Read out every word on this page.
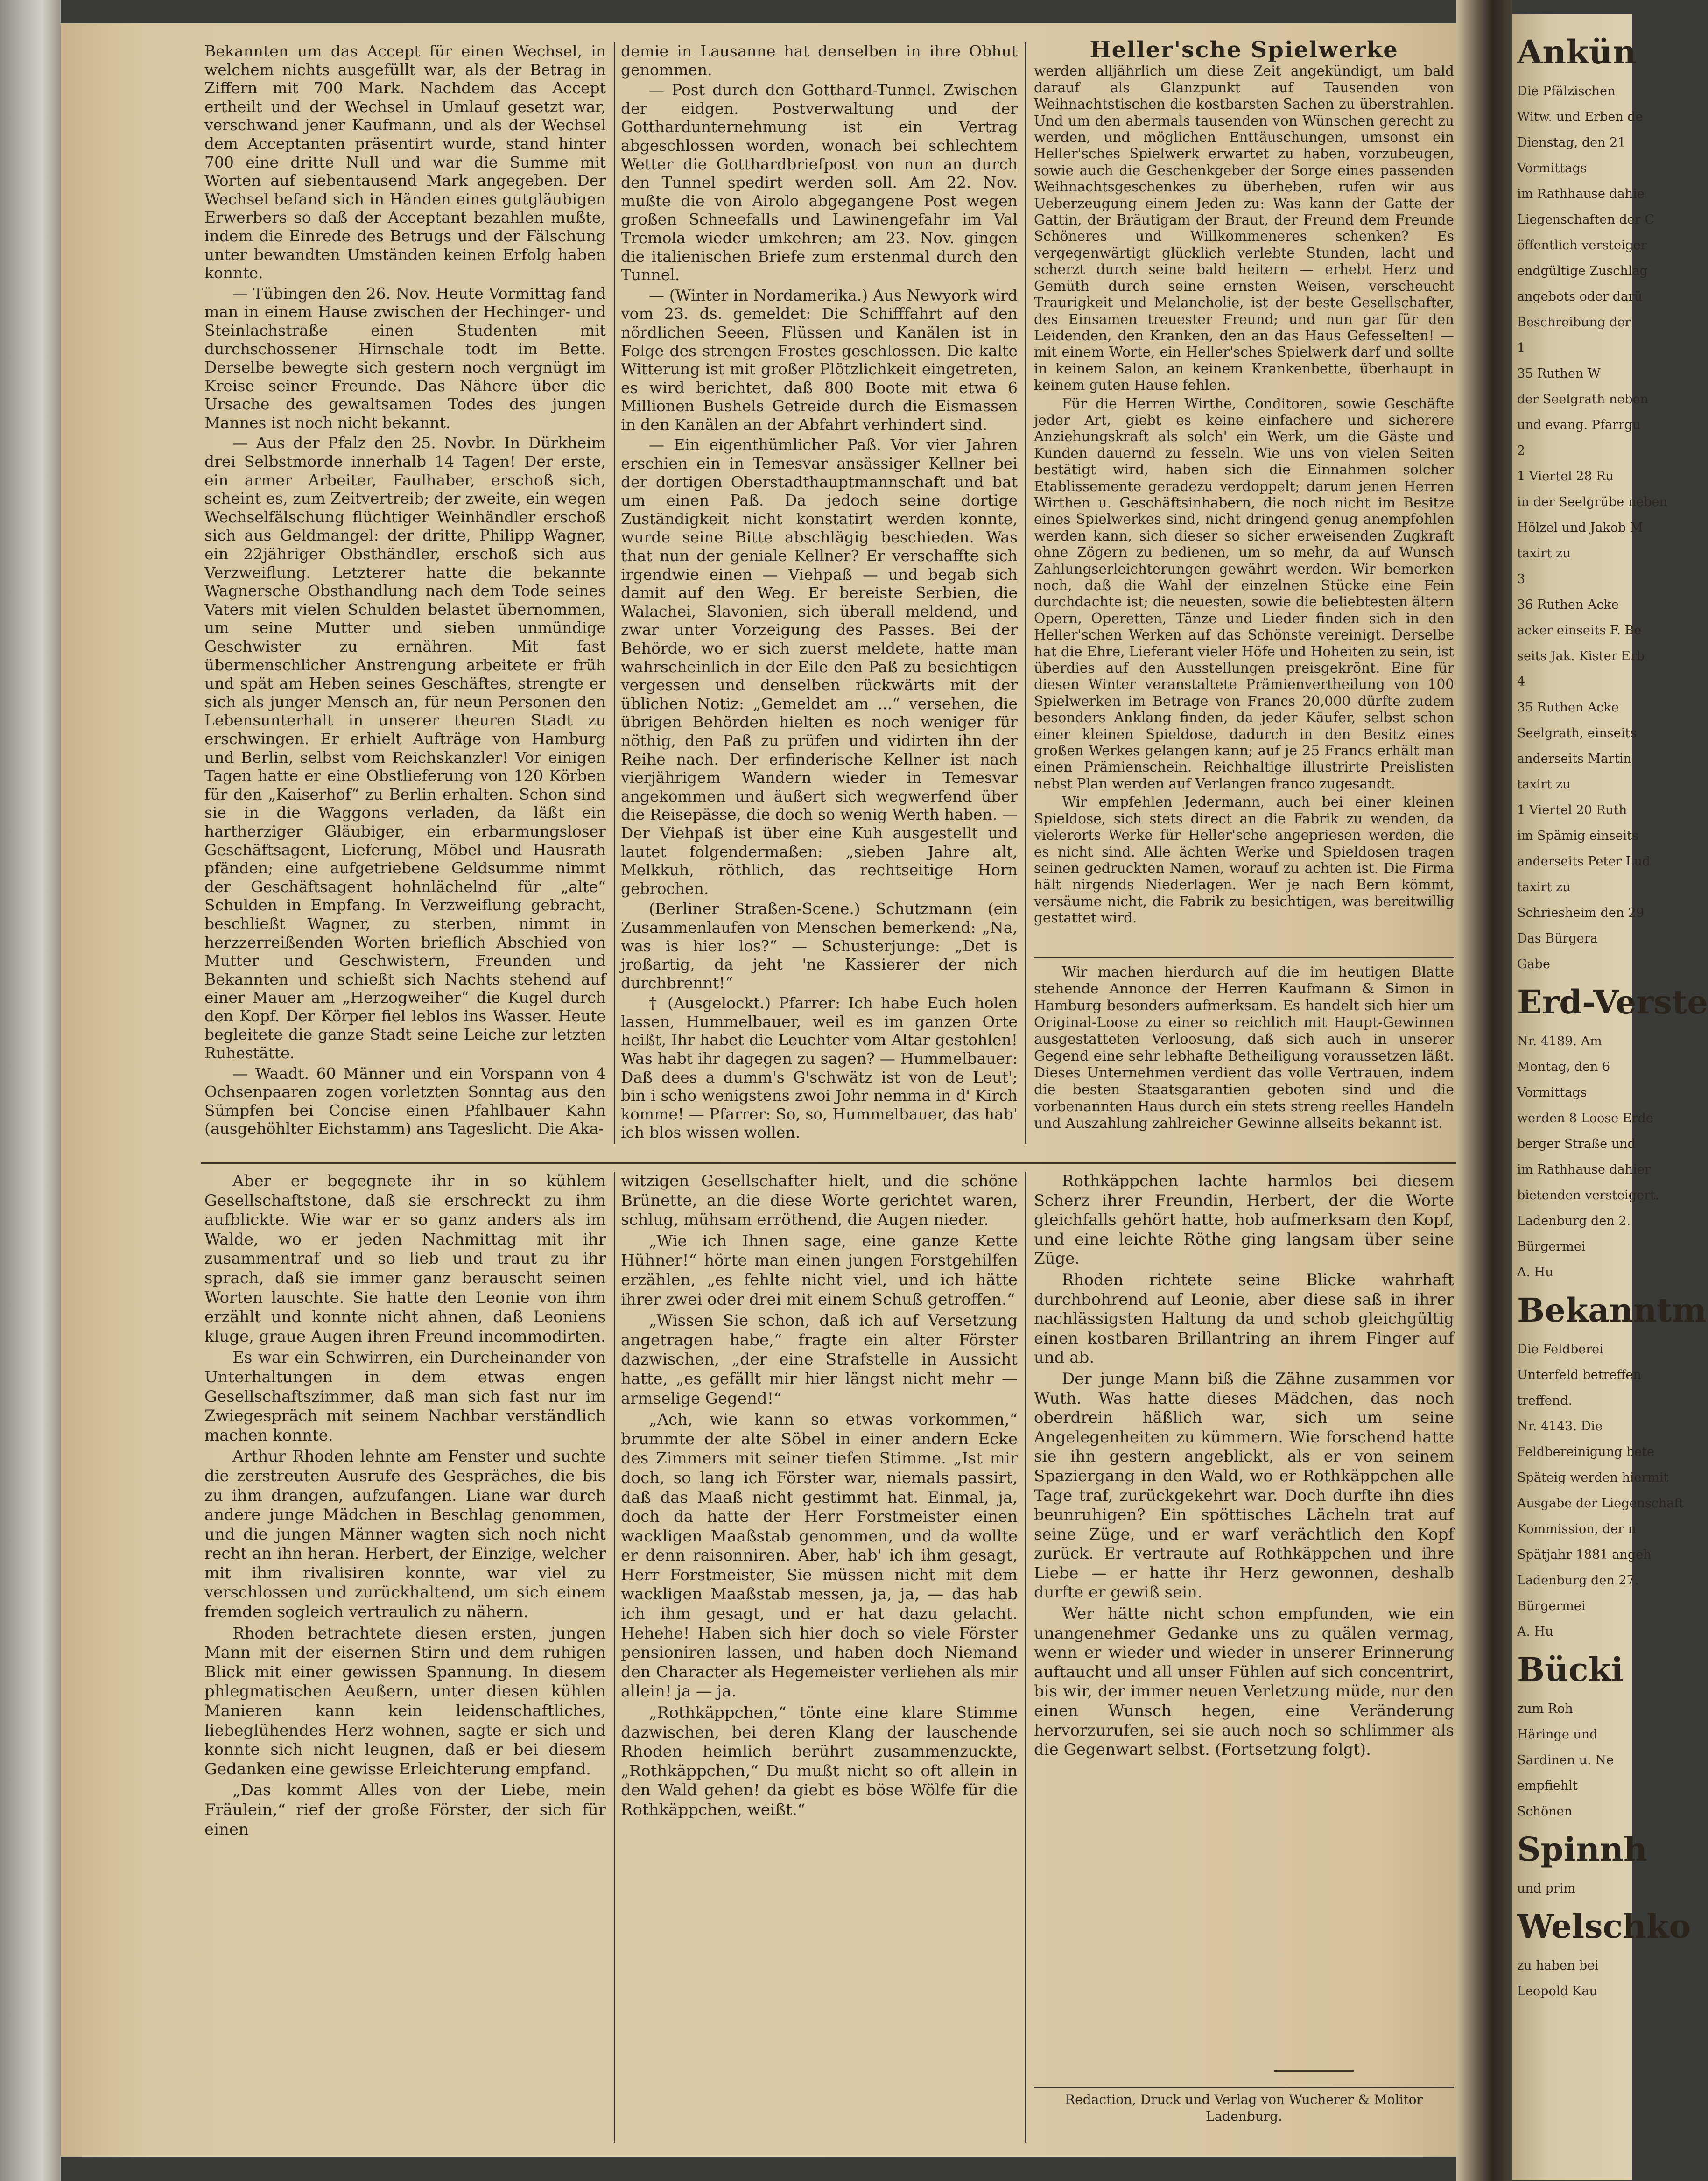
Bekannten um das Accept für einen Wechsel, in welchem nichts ausgefüllt war, als der Betrag in Ziffern mit 700 Mark. Nachdem das Accept ertheilt und der Wechsel in Umlauf gesetzt war, verschwand jener Kaufmann, und als der Wechsel dem Acceptanten präsentirt wurde, stand hinter 700 eine dritte Null und war die Summe mit Worten auf siebentausend Mark angegeben. Der Wechsel befand sich in Händen eines gutgläubigen Erwerbers so daß der Acceptant bezahlen mußte, indem die Einrede des Betrugs und der Fälschung unter bewandten Umständen keinen Erfolg haben konnte.

— Tübingen den 26. Nov. Heute Vormittag fand man in einem Hause zwischen der Hechinger- und Steinlachstraße einen Studenten mit durchschossener Hirnschale todt im Bette. Derselbe bewegte sich gestern noch vergnügt im Kreise seiner Freunde. Das Nähere über die Ursache des gewaltsamen Todes des jungen Mannes ist noch nicht bekannt.

— Aus der Pfalz den 25. Novbr. In Dürkheim drei Selbstmorde innerhalb 14 Tagen! Der erste, ein armer Arbeiter, Faulhaber, erschoß sich, scheint es, zum Zeitvertreib; der zweite, ein wegen Wechselfälschung flüchtiger Weinhändler erschoß sich aus Geldmangel: der dritte, Philipp Wagner, ein 22jähriger Obsthändler, erschoß sich aus Verzweiflung. Letzterer hatte die bekannte Wagnersche Obsthandlung nach dem Tode seines Vaters mit vielen Schulden belastet übernommen, um seine Mutter und sieben unmündige Geschwister zu ernähren. Mit fast übermenschlicher Anstrengung arbeitete er früh und spät am Heben seines Geschäftes, strengte er sich als junger Mensch an, für neun Personen den Lebensunterhalt in unserer theuren Stadt zu erschwingen. Er erhielt Aufträge von Hamburg und Berlin, selbst vom Reichskanzler! Vor einigen Tagen hatte er eine Obstlieferung von 120 Körben für den „Kaiserhof“ zu Berlin erhalten. Schon sind sie in die Waggons verladen, da läßt ein hartherziger Gläubiger, ein erbarmungsloser Geschäftsagent, Lieferung, Möbel und Hausrath pfänden; eine aufgetriebene Geldsumme nimmt der Geschäftsagent hohnlächelnd für „alte“ Schulden in Empfang. In Verzweiflung gebracht, beschließt Wagner, zu sterben, nimmt in herzzerreißenden Worten brieflich Abschied von Mutter und Geschwistern, Freunden und Bekannten und schießt sich Nachts stehend auf einer Mauer am „Herzogweiher“ die Kugel durch den Kopf. Der Körper fiel leblos ins Wasser. Heute begleitete die ganze Stadt seine Leiche zur letzten Ruhestätte.

— Waadt. 60 Männer und ein Vorspann von 4 Ochsenpaaren zogen vorletzten Sonntag aus den Sümpfen bei Concise einen Pfahlbauer Kahn (ausgehöhlter Eichstamm) ans Tageslicht. Die Aka-

demie in Lausanne hat denselben in ihre Obhut genommen.

— Post durch den Gotthard-Tunnel. Zwischen der eidgen. Postverwaltung und der Gotthardunternehmung ist ein Vertrag abgeschlossen worden, wonach bei schlechtem Wetter die Gotthardbriefpost von nun an durch den Tunnel spedirt werden soll. Am 22. Nov. mußte die von Airolo abgegangene Post wegen großen Schneefalls und Lawinengefahr im Val Tremola wieder umkehren; am 23. Nov. gingen die italienischen Briefe zum erstenmal durch den Tunnel.

— (Winter in Nordamerika.) Aus Newyork wird vom 23. ds. gemeldet: Die Schifffahrt auf den nördlichen Seeen, Flüssen und Kanälen ist in Folge des strengen Frostes geschlossen. Die kalte Witterung ist mit großer Plötzlichkeit eingetreten, es wird berichtet, daß 800 Boote mit etwa 6 Millionen Bushels Getreide durch die Eismassen in den Kanälen an der Abfahrt verhindert sind.

— Ein eigenthümlicher Paß. Vor vier Jahren erschien ein in Temesvar ansässiger Kellner bei der dortigen Oberstadthauptmannschaft und bat um einen Paß. Da jedoch seine dortige Zuständigkeit nicht konstatirt werden konnte, wurde seine Bitte abschlägig beschieden. Was that nun der geniale Kellner? Er verschaffte sich irgendwie einen — Viehpaß — und begab sich damit auf den Weg. Er bereiste Serbien, die Walachei, Slavonien, sich überall meldend, und zwar unter Vorzeigung des Passes. Bei der Behörde, wo er sich zuerst meldete, hatte man wahrscheinlich in der Eile den Paß zu besichtigen vergessen und denselben rückwärts mit der üblichen Notiz: „Gemeldet am ...“ versehen, die übrigen Behörden hielten es noch weniger für nöthig, den Paß zu prüfen und vidirten ihn der Reihe nach. Der erfinderische Kellner ist nach vierjährigem Wandern wieder in Temesvar angekommen und äußert sich wegwerfend über die Reisepässe, die doch so wenig Werth haben. — Der Viehpaß ist über eine Kuh ausgestellt und lautet folgendermaßen: „sieben Jahre alt, Melkkuh, röthlich, das rechtseitige Horn gebrochen.

(Berliner Straßen-Scene.) Schutzmann (ein Zusammenlaufen von Menschen bemerkend: „Na, was is hier los?“ — Schusterjunge: „Det is jroßartig, da jeht 'ne Kassierer der nich durchbrennt!“

† (Ausgelockt.) Pfarrer: Ich habe Euch holen lassen, Hummelbauer, weil es im ganzen Orte heißt, Ihr habet die Leuchter vom Altar gestohlen! Was habt ihr dagegen zu sagen? — Hummelbauer: Daß dees a dumm's G'schwätz ist von de Leut'; bin i scho wenigstens zwoi Johr nemma in d' Kirch komme! — Pfarrer: So, so, Hummelbauer, das hab' ich blos wissen wollen.

Heller'sche Spielwerke

werden alljährlich um diese Zeit angekündigt, um bald darauf als Glanzpunkt auf Tausenden von Weihnachtstischen die kostbarsten Sachen zu überstrahlen. Und um den abermals tausenden von Wünschen gerecht zu werden, und möglichen Enttäuschungen, umsonst ein Heller'sches Spielwerk erwartet zu haben, vorzubeugen, sowie auch die Geschenkgeber der Sorge eines passenden Weihnachtsgeschenkes zu überheben, rufen wir aus Ueberzeugung einem Jeden zu: Was kann der Gatte der Gattin, der Bräutigam der Braut, der Freund dem Freunde Schöneres und Willkommeneres schenken? Es vergegenwärtigt glücklich verlebte Stunden, lacht und scherzt durch seine bald heitern — erhebt Herz und Gemüth durch seine ernsten Weisen, verscheucht Traurigkeit und Melancholie, ist der beste Gesellschafter, des Einsamen treuester Freund; und nun gar für den Leidenden, den Kranken, den an das Haus Gefesselten! — mit einem Worte, ein Heller'sches Spielwerk darf und sollte in keinem Salon, an keinem Krankenbette, überhaupt in keinem guten Hause fehlen.

Für die Herren Wirthe, Conditoren, sowie Geschäfte jeder Art, giebt es keine einfachere und sicherere Anziehungskraft als solch' ein Werk, um die Gäste und Kunden dauernd zu fesseln. Wie uns von vielen Seiten bestätigt wird, haben sich die Einnahmen solcher Etablissemente geradezu verdoppelt; darum jenen Herren Wirthen u. Geschäftsinhabern, die noch nicht im Besitze eines Spielwerkes sind, nicht dringend genug anempfohlen werden kann, sich dieser so sicher erweisenden Zugkraft ohne Zögern zu bedienen, um so mehr, da auf Wunsch Zahlungserleichterungen gewährt werden. Wir bemerken noch, daß die Wahl der einzelnen Stücke eine Fein durchdachte ist; die neuesten, sowie die beliebtesten ältern Opern, Operetten, Tänze und Lieder finden sich in den Heller'schen Werken auf das Schönste vereinigt. Derselbe hat die Ehre, Lieferant vieler Höfe und Hoheiten zu sein, ist überdies auf den Ausstellungen preisgekrönt. Eine für diesen Winter veranstaltete Prämienvertheilung von 100 Spielwerken im Betrage von Francs 20,000 dürfte zudem besonders Anklang finden, da jeder Käufer, selbst schon einer kleinen Spieldose, dadurch in den Besitz eines großen Werkes gelangen kann; auf je 25 Francs erhält man einen Prämienschein. Reichhaltige illustrirte Preislisten nebst Plan werden auf Verlangen franco zugesandt.

Wir empfehlen Jedermann, auch bei einer kleinen Spieldose, sich stets direct an die Fabrik zu wenden, da vielerorts Werke für Heller'sche angepriesen werden, die es nicht sind. Alle ächten Werke und Spieldosen tragen seinen gedruckten Namen, worauf zu achten ist. Die Firma hält nirgends Niederlagen. Wer je nach Bern kömmt, versäume nicht, die Fabrik zu besichtigen, was bereitwillig gestattet wird.

Wir machen hierdurch auf die im heutigen Blatte stehende Annonce der Herren Kaufmann & Simon in Hamburg besonders aufmerksam. Es handelt sich hier um Original-Loose zu einer so reichlich mit Haupt-Gewinnen ausgestatteten Verloosung, daß sich auch in unserer Gegend eine sehr lebhafte Betheiligung voraussetzen läßt. Dieses Unternehmen verdient das volle Vertrauen, indem die besten Staatsgarantien geboten sind und die vorbenannten Haus durch ein stets streng reelles Handeln und Auszahlung zahlreicher Gewinne allseits bekannt ist.

Aber er begegnete ihr in so kühlem Gesellschaftstone, daß sie erschreckt zu ihm aufblickte. Wie war er so ganz anders als im Walde, wo er jeden Nachmittag mit ihr zusammentraf und so lieb und traut zu ihr sprach, daß sie immer ganz berauscht seinen Worten lauschte. Sie hatte den Leonie von ihm erzählt und konnte nicht ahnen, daß Leoniens kluge, graue Augen ihren Freund incommodirten.

Es war ein Schwirren, ein Durcheinander von Unterhaltungen in dem etwas engen Gesellschaftszimmer, daß man sich fast nur im Zwiegespräch mit seinem Nachbar verständlich machen konnte.

Arthur Rhoden lehnte am Fenster und suchte die zerstreuten Ausrufe des Gespräches, die bis zu ihm drangen, aufzufangen. Liane war durch andere junge Mädchen in Beschlag genommen, und die jungen Männer wagten sich noch nicht recht an ihn heran. Herbert, der Einzige, welcher mit ihm rivalisiren konnte, war viel zu verschlossen und zurückhaltend, um sich einem fremden sogleich vertraulich zu nähern.

Rhoden betrachtete diesen ersten, jungen Mann mit der eisernen Stirn und dem ruhigen Blick mit einer gewissen Spannung. In diesem phlegmatischen Aeußern, unter diesen kühlen Manieren kann kein leidenschaftliches, liebeglühendes Herz wohnen, sagte er sich und konnte sich nicht leugnen, daß er bei diesem Gedanken eine gewisse Erleichterung empfand.

„Das kommt Alles von der Liebe, mein Fräulein,“ rief der große Förster, der sich für einen

witzigen Gesellschafter hielt, und die schöne Brünette, an die diese Worte gerichtet waren, schlug, mühsam erröthend, die Augen nieder.

„Wie ich Ihnen sage, eine ganze Kette Hühner!“ hörte man einen jungen Forstgehilfen erzählen, „es fehlte nicht viel, und ich hätte ihrer zwei oder drei mit einem Schuß getroffen.“

„Wissen Sie schon, daß ich auf Versetzung angetragen habe,“ fragte ein alter Förster dazwischen, „der eine Strafstelle in Aussicht hatte, „es gefällt mir hier längst nicht mehr — armselige Gegend!“

„Ach, wie kann so etwas vorkommen,“ brummte der alte Söbel in einer andern Ecke des Zimmers mit seiner tiefen Stimme. „Ist mir doch, so lang ich Förster war, niemals passirt, daß das Maaß nicht gestimmt hat. Einmal, ja, doch da hatte der Herr Forstmeister einen wackligen Maaßstab genommen, und da wollte er denn raisonniren. Aber, hab' ich ihm gesagt, Herr Forstmeister, Sie müssen nicht mit dem wackligen Maaßstab messen, ja, ja, — das hab ich ihm gesagt, und er hat dazu gelacht. Hehehe! Haben sich hier doch so viele Förster pensioniren lassen, und haben doch Niemand den Character als Hegemeister verliehen als mir allein! ja — ja.

„Rothkäppchen,“ tönte eine klare Stimme dazwischen, bei deren Klang der lauschende Rhoden heimlich berührt zusammenzuckte, „Rothkäppchen,“ Du mußt nicht so oft allein in den Wald gehen! da giebt es böse Wölfe für die Rothkäppchen, weißt.“

Rothkäppchen lachte harmlos bei diesem Scherz ihrer Freundin, Herbert, der die Worte gleichfalls gehört hatte, hob aufmerksam den Kopf, und eine leichte Röthe ging langsam über seine Züge.

Rhoden richtete seine Blicke wahrhaft durchbohrend auf Leonie, aber diese saß in ihrer nachlässigsten Haltung da und schob gleichgültig einen kostbaren Brillantring an ihrem Finger auf und ab.

Der junge Mann biß die Zähne zusammen vor Wuth. Was hatte dieses Mädchen, das noch oberdrein häßlich war, sich um seine Angelegenheiten zu kümmern. Wie forschend hatte sie ihn gestern angeblickt, als er von seinem Spaziergang in den Wald, wo er Rothkäppchen alle Tage traf, zurückgekehrt war. Doch durfte ihn dies beunruhigen? Ein spöttisches Lächeln trat auf seine Züge, und er warf verächtlich den Kopf zurück. Er vertraute auf Rothkäppchen und ihre Liebe — er hatte ihr Herz gewonnen, deshalb durfte er gewiß sein.

Wer hätte nicht schon empfunden, wie ein unangenehmer Gedanke uns zu quälen vermag, wenn er wieder und wieder in unserer Erinnerung auftaucht und all unser Fühlen auf sich concentrirt, bis wir, der immer neuen Verletzung müde, nur den einen Wunsch hegen, eine Veränderung hervorzurufen, sei sie auch noch so schlimmer als die Gegenwart selbst. (Fortsetzung folgt).

Redaction, Druck und Verlag von Wucherer & Molitor Ladenburg.
Ankün
Die Pfälzischen
Witw. und Erben de
Dienstag, den 21
Vormittags
im Rathhause dahie
Liegenschaften der C
öffentlich versteiger
endgültige Zuschlag
angebots oder darü
Beschreibung der
1
35 Ruthen W
der Seelgrath neben
und evang. Pfarrgu
2
1 Viertel 28 Ru
in der Seelgrübe neben
Hölzel und Jakob M
taxirt zu
3
36 Ruthen Acke
acker einseits F. Be
seits Jak. Kister Erb
4
35 Ruthen Acke
Seelgrath, einseits
anderseits Martin
taxirt zu
1 Viertel 20 Ruth
im Spämig einseits
anderseits Peter Lud
taxirt zu
Schriesheim den 29
Das Bürgera
Gabe
Erd-Verste
Nr. 4189. Am
Montag, den 6
Vormittags
werden 8 Loose Erde
berger Straße und
im Rathhause dahier
bietenden versteigert.
Ladenburg den 2.
Bürgermei
A. Hu
Bekanntm
Die Feldberei
Unterfeld betreffen
treffend.
Nr. 4143. Die
Feldbereinigung bete
Späteig werden hiermit
Ausgabe der Liegenschaft
Kommission, der n
Spätjahr 1881 angeh
Ladenburg den 27.
Bürgermei
A. Hu
Bücki
zum Roh
Häringe und
Sardinen u. Ne
empfiehlt
Schönen
Spinnh
und prim
Welschko
zu haben bei
Leopold Kau
